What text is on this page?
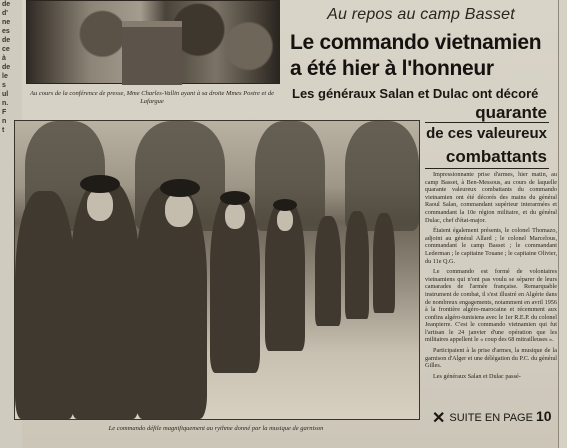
de
d'
ne
es
de
ce
à
de
le
s
ul
n.
F
n
t
Au cours de la conférence de presse, Mme Charles-Vallin ayant à sa droite Mmes Postre et de Lafargue
Au repos au camp Basset
Le commando vietnamien
a été hier à l'honneur
Les généraux Salan et Dulac ont décoré
quarante
de ces valeureux
combattants
Le commando défile magnifiquement au rythme donné par la musique de garnison

Impressionnante prise d'armes, hier matin, au camp Basset, à Ben-Messous, au cours de laquelle quarante valeureux combattants du commando vietnamien ont été décorés des mains du général Raoul Salan, commandant supérieur interarmées et commandant la 10e région militaire, et du général Dulac, chef d'état-major.

Étaient également présents, le colonel Thomazo, adjoint au général Allard ; le colonel Marcelous, commandant le camp Basset ; le commandant Lederman ; le capitaine Touane ; le capitaine Olivier, du 11e Q.G.

Le commando est formé de volontaires vietnamiens qui n'ont pas voulu se séparer de leurs camarades de l'armée française. Remarquable instrument de combat, il s'est illustré en Algérie dans de nombreux engagements, notamment en avril 1956 à la frontière algéro-marocaine et récemment aux confins algéro-tunisiens avec le 1er R.E.P. du colonel Jeanpierre. C'est le commando vietnamien qui fut l'artisan le 24 janvier d'une opération que les militaires appellent le « coup des 68 mitrailleuses ».

Participaient à la prise d'armes, la musique de la garnison d'Alger et une délégation du P.C. du général Gilles.

Les généraux Salan et Dulac passé-

✕ SUITE EN PAGE 10
